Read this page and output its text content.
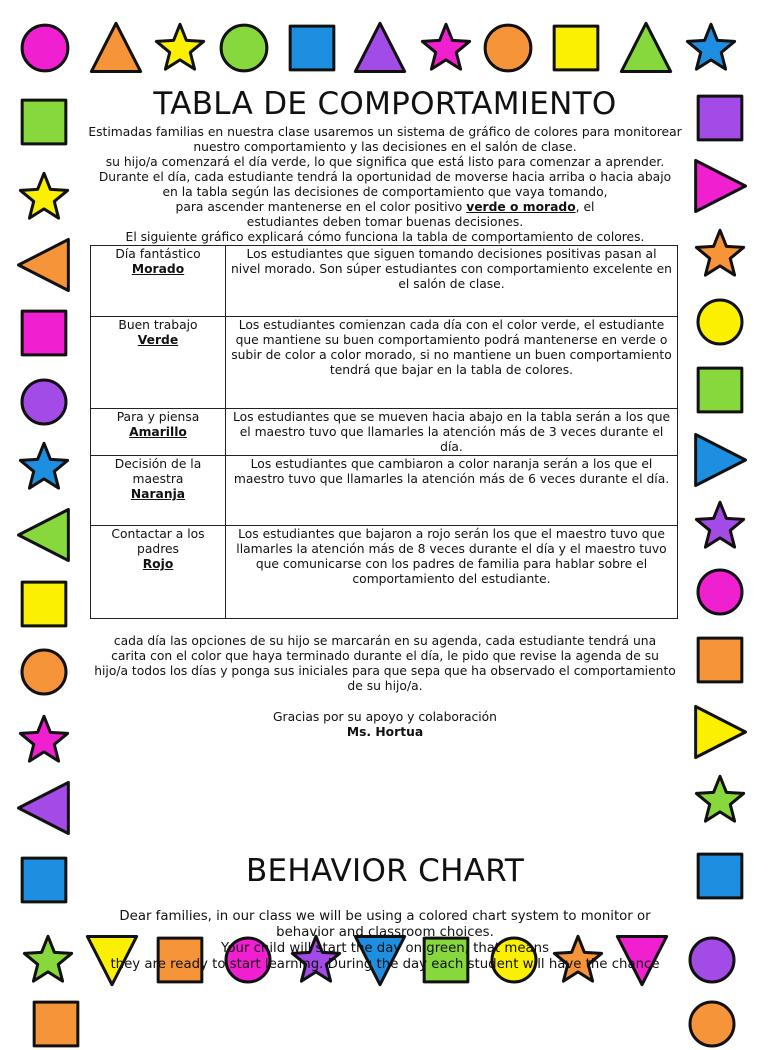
TABLA DE COMPORTAMIENTO
Estimadas familias en nuestra clase usaremos un sistema de gráfico de colores para monitorear
nuestro comportamiento y las decisiones en el salón de clase.
su hijo/a comenzará el día verde, lo que significa que está listo para comenzar a aprender.
Durante el día, cada estudiante tendrá la oportunidad de moverse hacia arriba o hacia abajo
en la tabla según las decisiones de comportamiento que vaya tomando,
para ascender mantenerse en el color positivo verde o morado, el
estudiantes deben tomar buenas decisiones.
El siguiente gráfico explicará cómo funciona la tabla de comportamiento de colores.
Día fantástico
Morado	Los estudiantes que siguen tomando decisiones positivas pasan al nivel morado. Son súper estudiantes con comportamiento excelente en el salón de clase.

Buen trabajo
Verde	Los estudiantes comienzan cada día con el color verde, el estudiante que mantiene su buen comportamiento podrá mantenerse en verde o subir de color a color morado, si no mantiene un buen comportamiento tendrá que bajar en la tabla de colores.

Para y piensa
Amarillo	Los estudiantes que se mueven hacia abajo en la tabla serán a los que el maestro tuvo que llamarles la atención más de 3 veces durante el día.

Decisión de la maestra
Naranja	Los estudiantes que cambiaron a color naranja serán a los que el maestro tuvo que llamarles la atención más de 6 veces durante el día.

Contactar a los padres
Rojo	Los estudiantes que bajaron a rojo serán los que el maestro tuvo que llamarles la atención más de 8 veces durante el día y el maestro tuvo que comunicarse con los padres de familia para hablar sobre el comportamiento del estudiante.
cada día las opciones de su hijo se marcarán en su agenda, cada estudiante tendrá una
carita con el color que haya terminado durante el día, le pido que revise la agenda de su
hijo/a todos los días y ponga sus iniciales para que sepa que ha observado el comportamiento
de su hijo/a.
Gracias por su apoyo y colaboración
Ms. Hortua
BEHAVIOR CHART
Dear families, in our class we will be using a colored chart system to monitor or
behavior and classroom choices.
Your child will start the day on green, that means
they are ready to start learning. During the day each student will have the chance
